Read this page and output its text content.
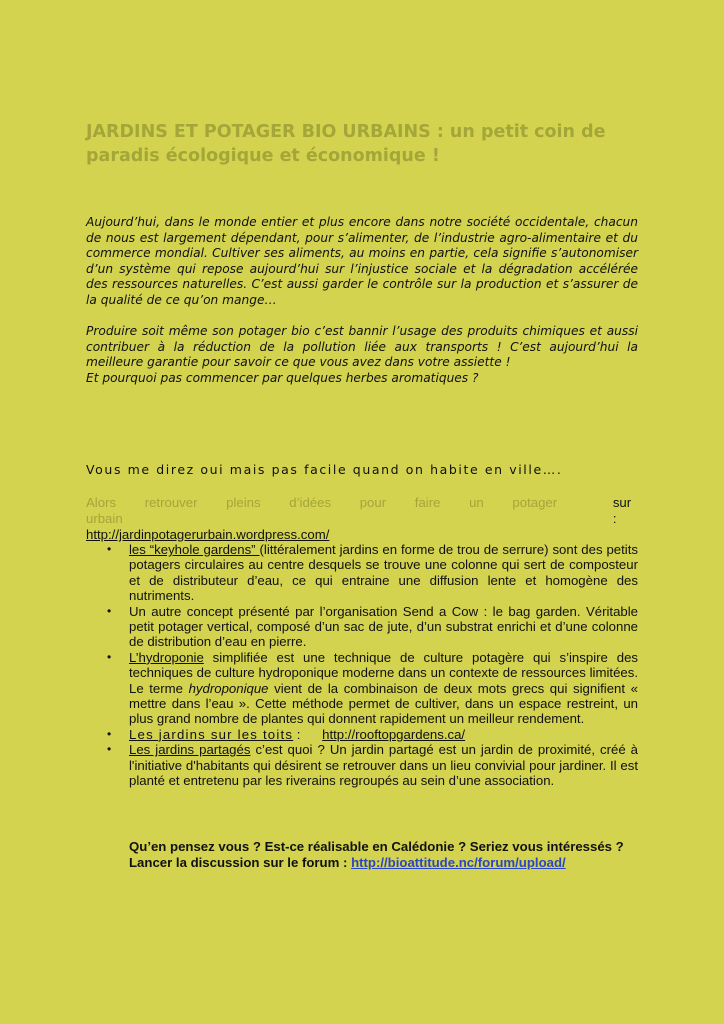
JARDINS ET POTAGER BIO URBAINS : un petit coin de paradis écologique et économique !

Aujourd’hui, dans le monde entier et plus encore dans notre société occidentale, chacun de nous est largement dépendant, pour s’alimenter, de l’industrie agro-alimentaire et du commerce mondial. Cultiver ses aliments, au moins en partie, cela signifie s’autonomiser d’un système qui repose aujourd’hui sur l’injustice sociale et la dégradation accélérée des ressources naturelles. C’est aussi garder le contrôle sur la production et s’assurer de la qualité de ce qu’on mange…

Produire soit même son potager bio c’est bannir l’usage des produits chimiques et aussi contribuer à la réduction de la pollution liée aux transports ! C’est aujourd’hui la meilleure garantie pour savoir ce que vous avez dans votre assiette !
Et pourquoi pas commencer par quelques herbes aromatiques ?

Vous me direz oui mais pas facile quand on habite en ville….
Alors retrouver pleins d’idées pour faire un potager urbain
sur :
http://jardinpotagerurbain.wordpress.com/
• les “keyhole gardens” (littéralement jardins en forme de trou de serrure) sont des petits potagers circulaires au centre desquels se trouve une colonne qui sert de composteur et de distributeur d’eau, ce qui entraine une diffusion lente et homogène des nutriments.
• Un autre concept présenté par l’organisation Send a Cow : le bag garden. Véritable petit potager vertical, composé d’un sac de jute, d’un substrat enrichi et d’une colonne de distribution d’eau en pierre.
• L’hydroponie simplifiée est une technique de culture potagère qui s’inspire des techniques de culture hydroponique moderne dans un contexte de ressources limitées. Le terme hydroponique vient de la combinaison de deux mots grecs qui signifient « mettre dans l’eau ». Cette méthode permet de cultiver, dans un espace restreint, un plus grand nombre de plantes qui donnent rapidement un meilleur rendement.
• Les jardins sur les toits : http://rooftopgardens.ca/
• Les jardins partagés c’est quoi ? Un jardin partagé est un jardin de proximité, créé à l'initiative d'habitants qui désirent se retrouver dans un lieu convivial pour jardiner. Il est planté et entretenu par les riverains regroupés au sein d’une association.
Qu’en pensez vous ? Est-ce réalisable en Calédonie ? Seriez vous intéressés ?
Lancer la discussion sur le forum : http://bioattitude.nc/forum/upload/
